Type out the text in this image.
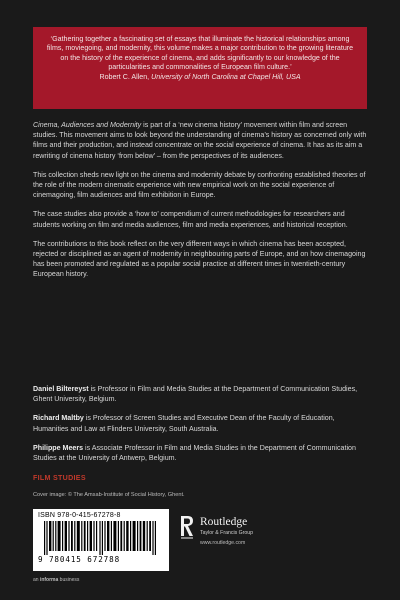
‘Gathering together a fascinating set of essays that illuminate the historical relationships among films, moviegoing, and modernity, this volume makes a major contribution to the growing literature on the history of the experience of cinema, and adds significantly to our knowledge of the particularities and commonalities of European film culture.’
Robert C. Allen, University of North Carolina at Chapel Hill, USA

Cinema, Audiences and Modernity is part of a ‘new cinema history’ movement within film and screen studies. This movement aims to look beyond the understanding of cinema’s history as concerned only with films and their production, and instead concentrate on the social experience of cinema. It has as its aim a rewriting of cinema history ‘from below’ – from the perspectives of its audiences.

This collection sheds new light on the cinema and modernity debate by confronting established theories of the role of the modern cinematic experience with new empirical work on the social experience of cinemagoing, film audiences and film exhibition in Europe.

The case studies also provide a ‘how to’ compendium of current methodologies for researchers and students working on film and media audiences, film and media experiences, and historical reception.

The contributions to this book reflect on the very different ways in which cinema has been accepted, rejected or disciplined as an agent of modernity in neighbouring parts of Europe, and on how cinemagoing has been promoted and regulated as a popular social practice at different times in twentieth-century European history.

Daniel Biltereyst is Professor in Film and Media Studies at the Department of Communication Studies, Ghent University, Belgium.

Richard Maltby is Professor of Screen Studies and Executive Dean of the Faculty of Education, Humanities and Law at Flinders University, South Australia.

Philippe Meers is Associate Professor in Film and Media Studies in the Department of Communication Studies at the University of Antwerp, Belgium.

FILM STUDIES
Cover image: © The Amsab-Institute of Social History, Ghent.
ISBN 978-0-415-67278-8
9 780415 672788
Routledge
Taylor & Francis Group
www.routledge.com
an informa business
